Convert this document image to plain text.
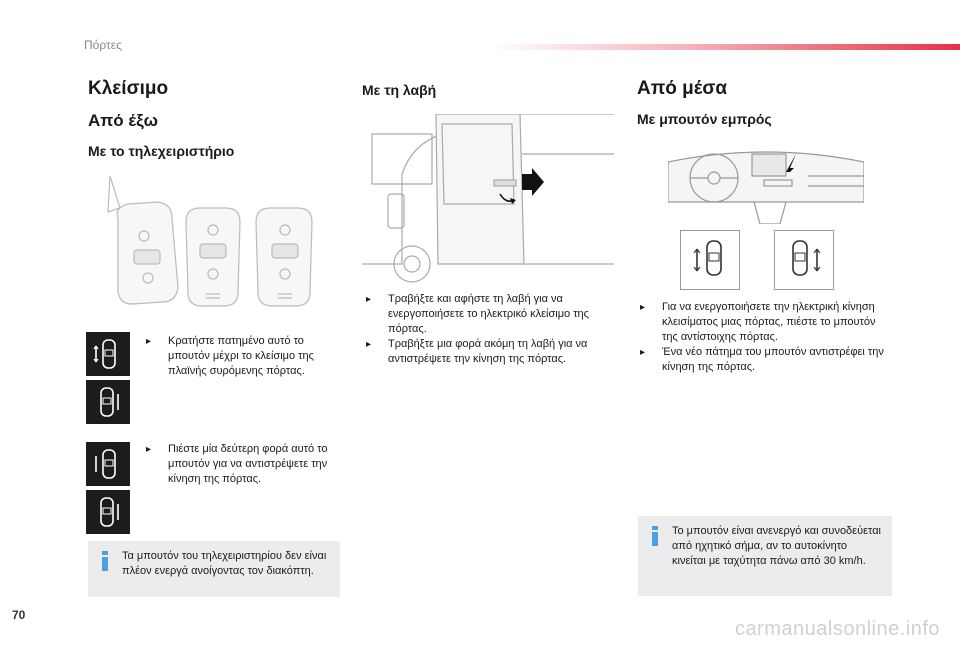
Πόρτες
Κλείσιμο
Από έξω
Με το τηλεχειριστήριο
▸ Κρατήστε πατημένο αυτό το μπουτόν μέχρι το κλείσιμο της πλαϊνής συρόμενης πόρτας.
▸ Πιέστε μία δεύτερη φορά αυτό το μπουτόν για να αντιστρέψετε την κίνηση της πόρτας.
Τα μπουτόν του τηλεχειριστηρίου δεν είναι πλέον ενεργά ανοίγοντας τον διακόπτη.
Με τη λαβή
▸ Τραβήξτε και αφήστε τη λαβή για να ενεργοποιήσετε το ηλεκτρικό κλείσιμο της πόρτας.
▸ Τραβήξτε μια φορά ακόμη τη λαβή για να αντιστρέψετε την κίνηση της πόρτας.
Από μέσα
Με μπουτόν εμπρός
▸ Για να ενεργοποιήσετε την ηλεκτρική κίνηση κλεισίματος μιας πόρτας, πιέστε το μπουτόν της αντίστοιχης πόρτας.
▸ Ένα νέο πάτημα του μπουτόν αντιστρέφει την κίνηση της πόρτας.
Το μπουτόν είναι ανενεργό και συνοδεύεται από ηχητικό σήμα, αν το αυτοκίνητο κινείται με ταχύτητα πάνω από 30 km/h.
70
carmanualsonline.info
